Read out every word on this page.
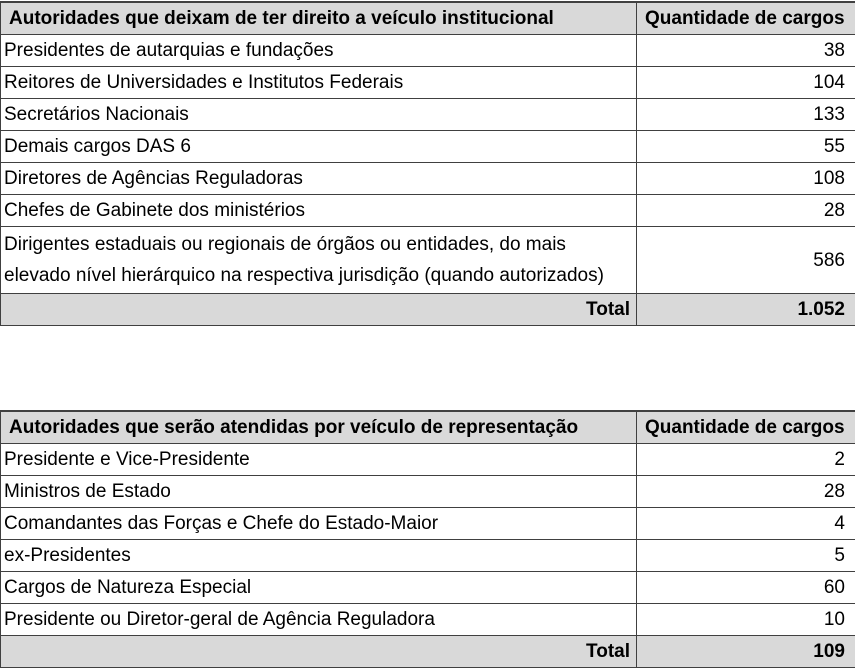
Autoridades que deixam de ter direito a veículo institucional	Quantidade de cargos
Presidentes de autarquias e fundações	38
Reitores de Universidades e Institutos Federais	104
Secretários Nacionais	133
Demais cargos DAS 6	55
Diretores de Agências Reguladoras	108
Chefes de Gabinete dos ministérios	28
Dirigentes estaduais ou regionais de órgãos ou entidades, do mais elevado nível hierárquico na respectiva jurisdição (quando autorizados)	586
Total	1.052
Autoridades que serão atendidas por veículo de representação	Quantidade de cargos
Presidente e Vice-Presidente	2
Ministros de Estado	28
Comandantes das Forças e Chefe do Estado-Maior	4
ex-Presidentes	5
Cargos de Natureza Especial	60
Presidente ou Diretor-geral de Agência Reguladora	10
Total	109
